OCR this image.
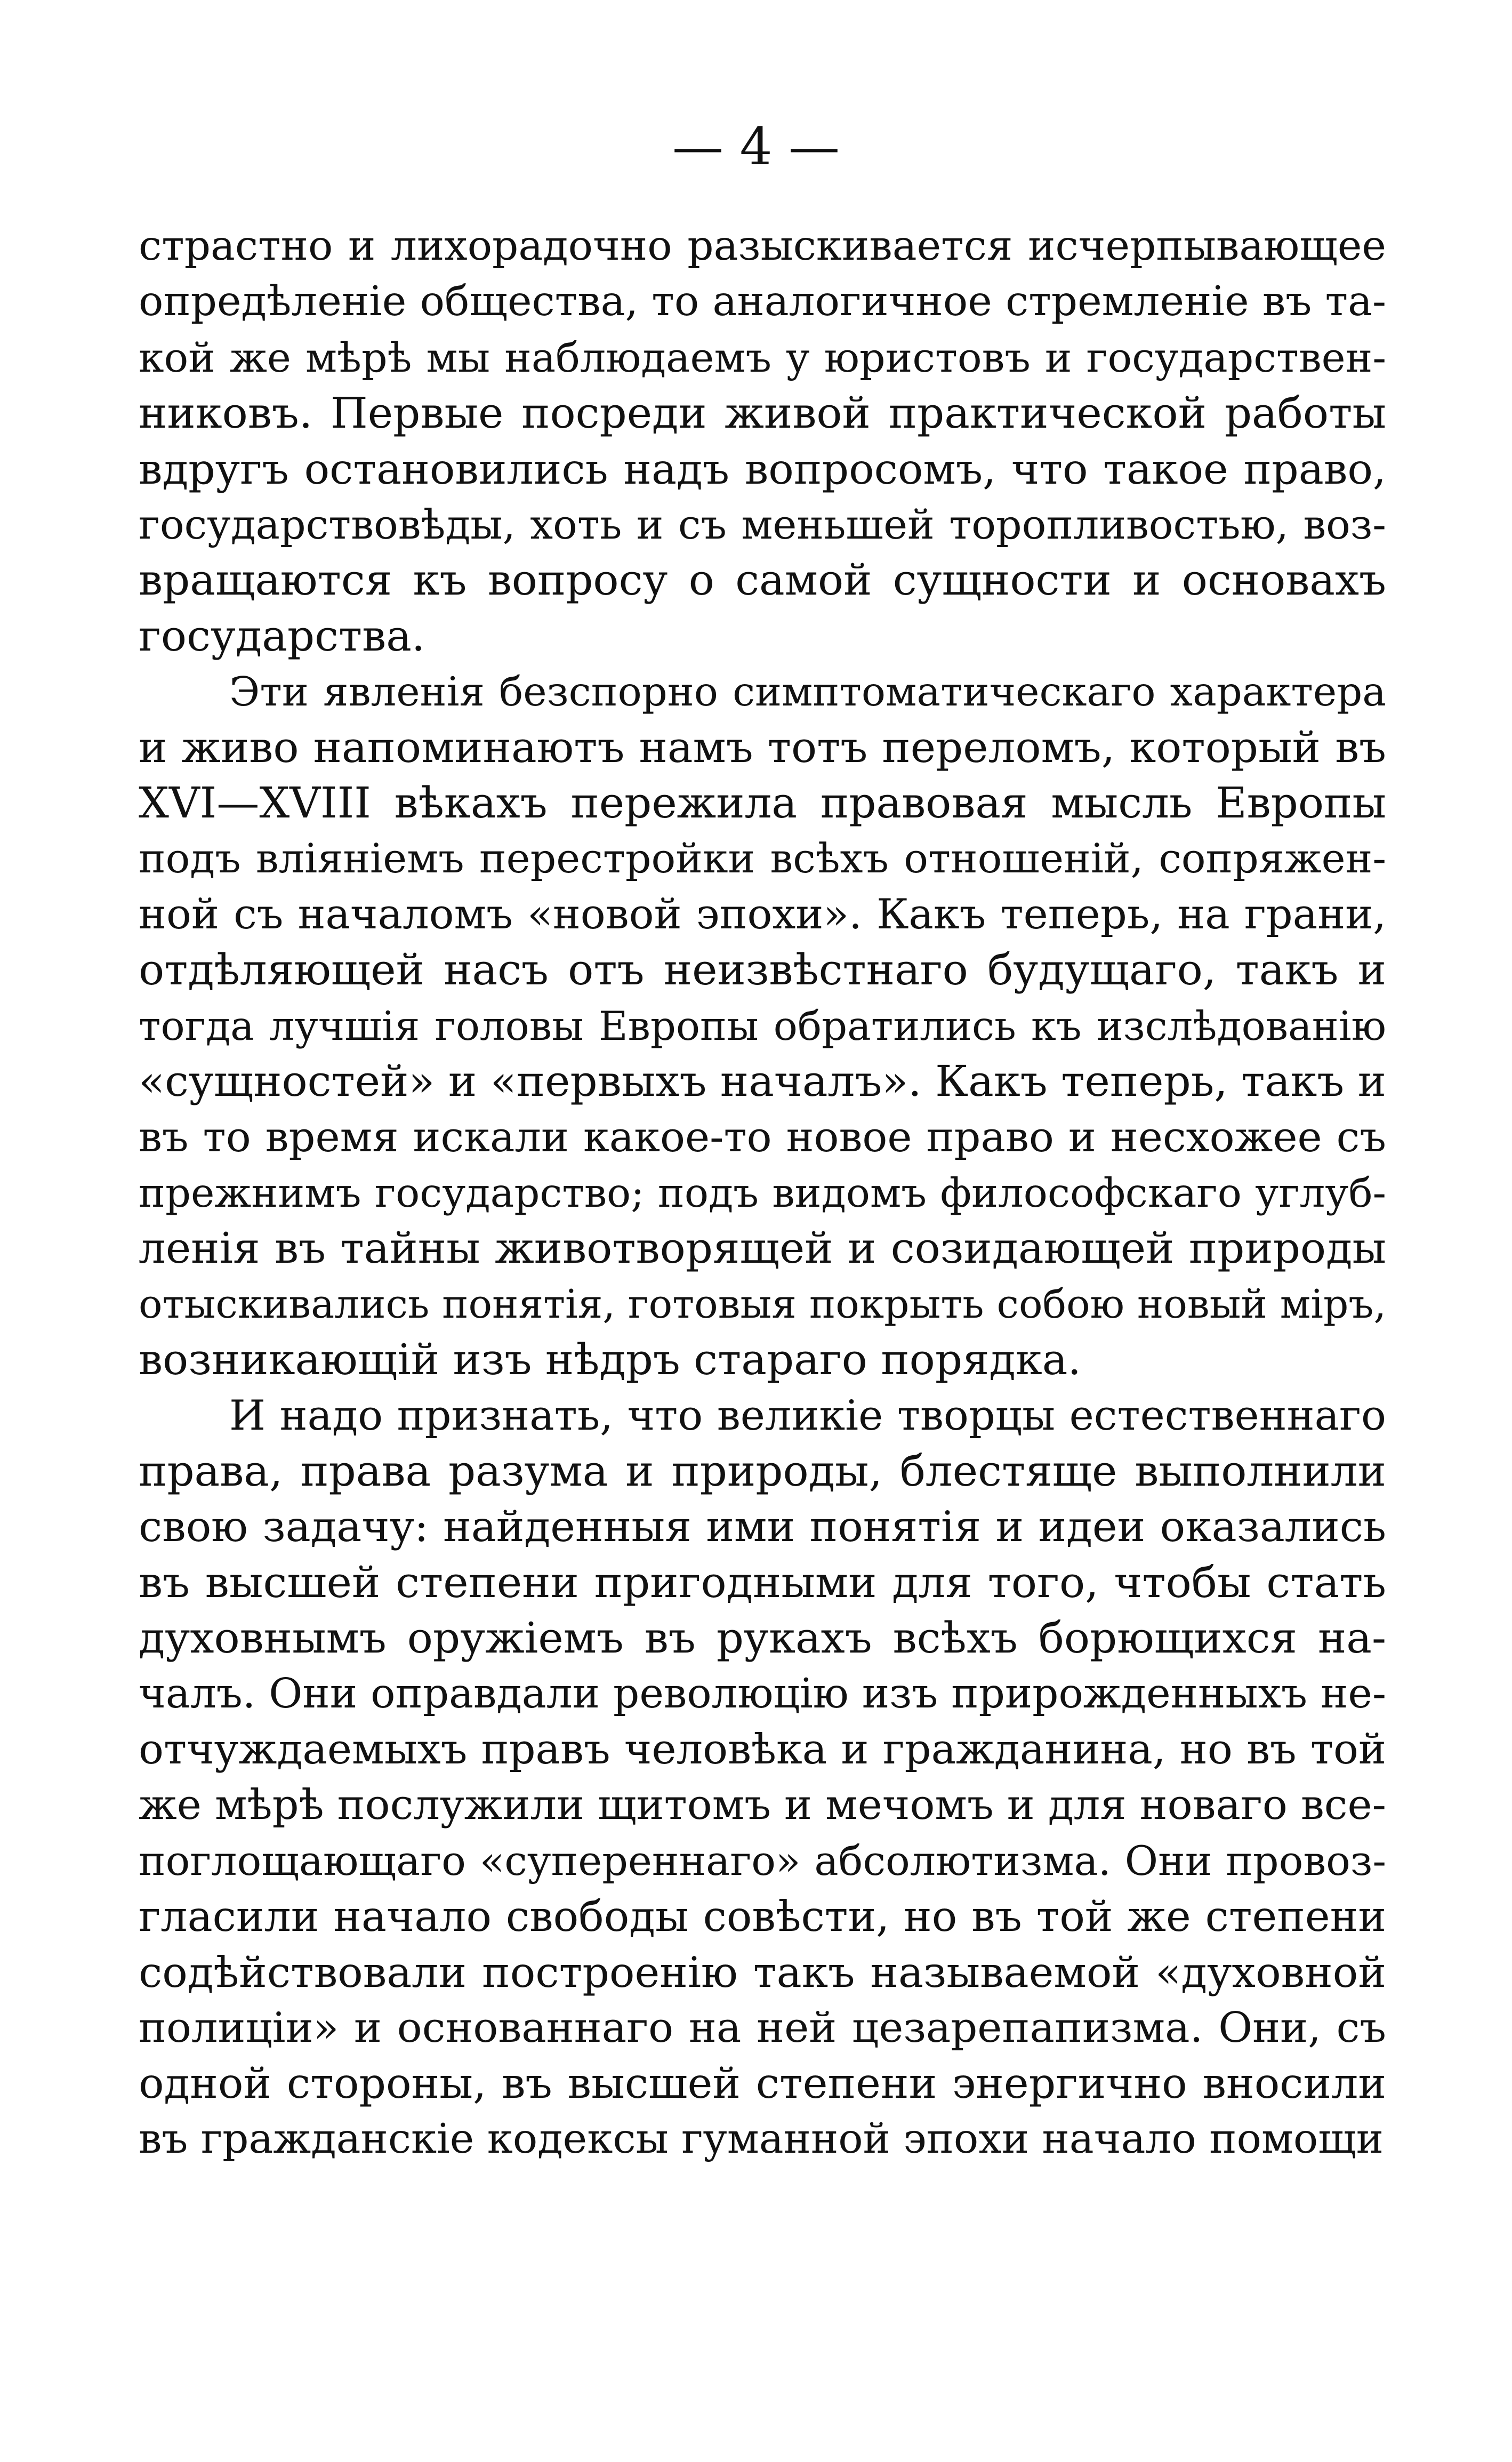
— 4 —
страстно и лихорадочно разыскивается исчерпывающее
опредѣленіе общества, то аналогичное стремленіе въ та-
кой же мѣрѣ мы наблюдаемъ у юристовъ и государствен-
никовъ. Первые посреди живой практической работы
вдругъ остановились надъ вопросомъ, что такое право,
государствовѣды, хоть и съ меньшей торопливостью, воз-
вращаются къ вопросу о самой сущности и основахъ
государства.
Эти явленія безспорно симптоматическаго характера
и живо напоминаютъ намъ тотъ переломъ, который въ
XVI—XVIII вѣкахъ пережила правовая мысль Европы
подъ вліяніемъ перестройки всѣхъ отношеній, сопряжен-
ной съ началомъ «новой эпохи». Какъ теперь, на грани,
отдѣляющей насъ отъ неизвѣстнаго будущаго, такъ и
тогда лучшія головы Европы обратились къ изслѣдованію
«сущностей» и «первыхъ началъ». Какъ теперь, такъ и
въ то время искали какое-то новое право и несхожее съ
прежнимъ государство; подъ видомъ философскаго углуб-
ленія въ тайны животворящей и созидающей природы
отыскивались понятія, готовыя покрыть собою новый міръ,
возникающій изъ нѣдръ стараго порядка.
И надо признать, что великіе творцы естественнаго
права, права разума и природы, блестяще выполнили
свою задачу: найденныя ими понятія и идеи оказались
въ высшей степени пригодными для того, чтобы стать
духовнымъ оружіемъ въ рукахъ всѣхъ борющихся на-
чалъ. Они оправдали революцію изъ прирожденныхъ не-
отчуждаемыхъ правъ человѣка и гражданина, но въ той
же мѣрѣ послужили щитомъ и мечомъ и для новаго все-
поглощающаго «супереннаго» абсолютизма. Они провоз-
гласили начало свободы совѣсти, но въ той же степени
содѣйствовали построенію такъ называемой «духовной
полиціи» и основаннаго на ней цезарепапизма. Они, съ
одной стороны, въ высшей степени энергично вносили
въ гражданскіе кодексы гуманной эпохи начало помощи
